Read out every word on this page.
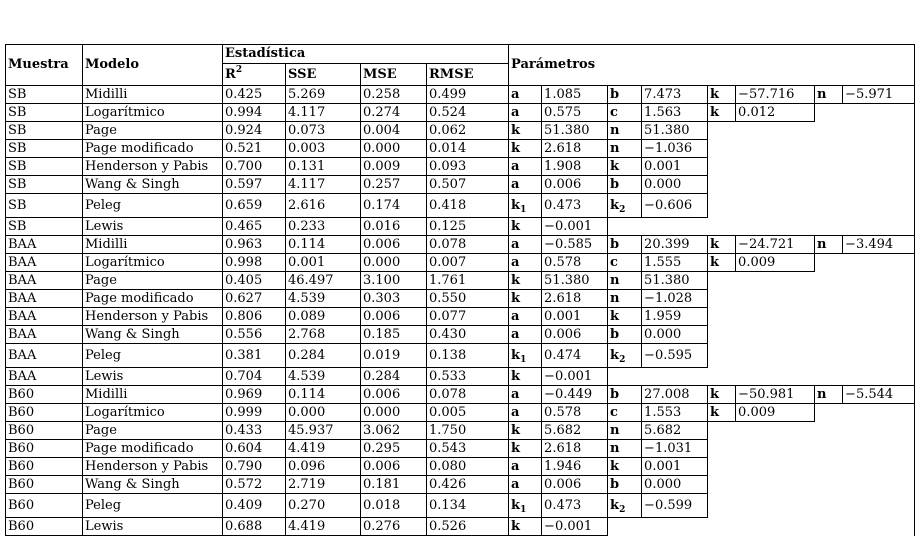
Muestra	Modelo	Estadística				Parámetros							
		$R^2$	SSE	MSE	RMSE								
SB	Midilli	0.425	5.269	0.258	0.499	a	1.085	b	7.473	k	−57.716	n	−5.971
SB	Logarítmico	0.994	4.117	0.274	0.524	a	0.575	c	1.563	k	0.012		
SB	Page	0.924	0.073	0.004	0.062	k	51.380	n	51.380				
SB	Page modificado	0.521	0.003	0.000	0.014	k	2.618	n	−1.036				
SB	Henderson y Pabis	0.700	0.131	0.009	0.093	a	1.908	k	0.001				
SB	Wang & Singh	0.597	4.117	0.257	0.507	a	0.006	b	0.000				
SB	Peleg	0.659	2.616	0.174	0.418	$k_1$	0.473	$k_2$	−0.606				
SB	Lewis	0.465	0.233	0.016	0.125	k	−0.001						
BAA	Midilli	0.963	0.114	0.006	0.078	a	−0.585	b	20.399	k	−24.721	n	−3.494
BAA	Logarítmico	0.998	0.001	0.000	0.007	a	0.578	c	1.555	k	0.009		
BAA	Page	0.405	46.497	3.100	1.761	k	51.380	n	51.380				
BAA	Page modificado	0.627	4.539	0.303	0.550	k	2.618	n	−1.028				
BAA	Henderson y Pabis	0.806	0.089	0.006	0.077	a	0.001	k	1.959				
BAA	Wang & Singh	0.556	2.768	0.185	0.430	a	0.006	b	0.000				
BAA	Peleg	0.381	0.284	0.019	0.138	$k_1$	0.474	$k_2$	−0.595				
BAA	Lewis	0.704	4.539	0.284	0.533	k	−0.001						
B60	Midilli	0.969	0.114	0.006	0.078	a	−0.449	b	27.008	k	−50.981	n	−5.544
B60	Logarítmico	0.999	0.000	0.000	0.005	a	0.578	c	1.553	k	0.009		
B60	Page	0.433	45.937	3.062	1.750	k	5.682	n	5.682				
B60	Page modificado	0.604	4.419	0.295	0.543	k	2.618	n	−1.031				
B60	Henderson y Pabis	0.790	0.096	0.006	0.080	a	1.946	k	0.001				
B60	Wang & Singh	0.572	2.719	0.181	0.426	a	0.006	b	0.000				
B60	Peleg	0.409	0.270	0.018	0.134	$k_1$	0.473	$k_2$	−0.599				
B60	Lewis	0.688	4.419	0.276	0.526	k	−0.001						
